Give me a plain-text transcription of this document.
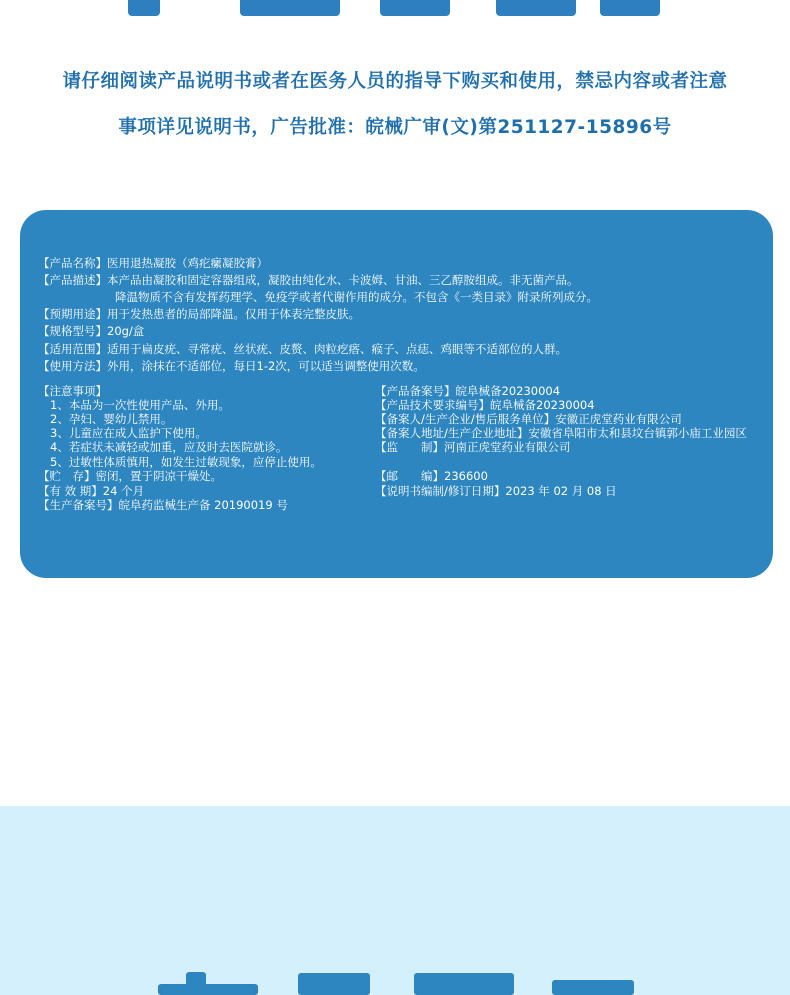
请仔细阅读产品说明书或者在医务人员的指导下购买和使用，禁忌内容或者注意
事项详见说明书，广告批准：皖械广审(文)第251127-15896号
【产品名称】医用退热凝胶（鸡疕瘰凝胶膏）
【产品描述】本产品由凝胶和固定容器组成，凝胶由纯化水、卡波姆、甘油、三乙醇胺组成。非无菌产品。
降温物质不含有发挥药理学、免疫学或者代谢作用的成分。不包含《一类目录》附录所列成分。
【预期用途】用于发热患者的局部降温。仅用于体表完整皮肤。
【规格型号】20g/盒
【适用范围】适用于扁皮疣、寻常疣、丝状疣、皮赘、肉粒疙瘩、瘊子、点痣、鸡眼等不适部位的人群。
【使用方法】外用，涂抹在不适部位，每日1-2次，可以适当调整使用次数。
【注意事项】
1、本品为一次性使用产品、外用。
2、孕妇、婴幼儿禁用。
3、儿童应在成人监护下使用。
4、若症状未减轻或加重，应及时去医院就诊。
5、过敏性体质慎用，如发生过敏现象，应停止使用。
【贮　存】密闭，置于阴凉干燥处。
【有 效 期】24 个月
【生产备案号】皖阜药监械生产备 20190019 号
【产品备案号】皖阜械备20230004
【产品技术要求编号】皖阜械备20230004
【备案人/生产企业/售后服务单位】安徽正虎堂药业有限公司
【备案人地址/生产企业地址】安徽省阜阳市太和县坟台镇郭小庙工业园区
【监　　制】河南正虎堂药业有限公司
【邮　　编】236600
【说明书编制/修订日期】2023 年 02 月 08 日
